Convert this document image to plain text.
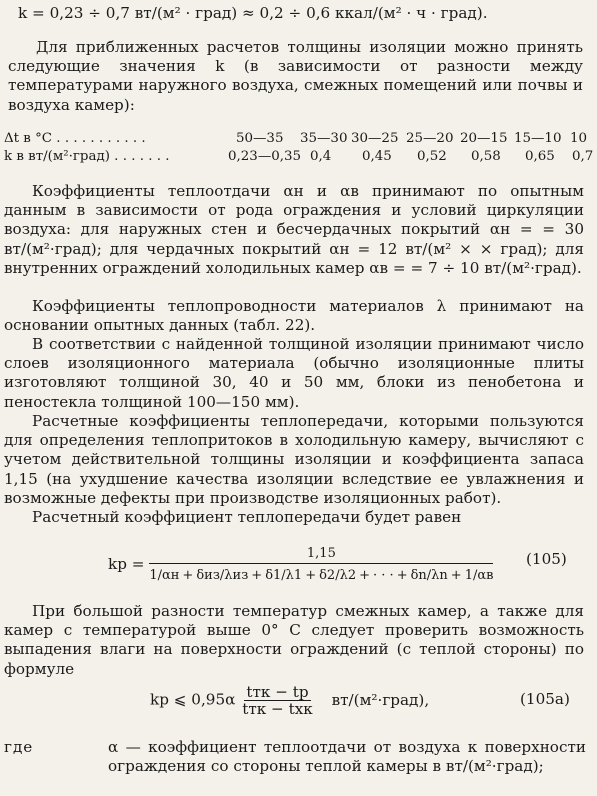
k = 0,23 ÷ 0,7 вт/(м² · град) ≈ 0,2 ÷ 0,6 ккал/(м² · ч · град).
Для приближенных расчетов толщины изоляции можно принять следующие значения k (в зависимости от разности между температурами наружного воздуха, смежных помещений или почвы и воздуха камер):
Δt в °C . . . . . . . . . . .	50—35 35—30 30—25 25—20 20—15 15—10 10
k в вт/(м²·град) . . . . . . .	0,23—0,35 0,4 0,45 0,52 0,58 0,65 0,7
Коэффициенты теплоотдачи αн и αв принимают по опытным данным в зависимости от рода ограждения и условий циркуляции воздуха: для наружных стен и бесчердачных покрытий αн = = 30 вт/(м²·град); для чердачных покрытий αн = 12 вт/(м² × × град); для внутренних ограждений холодильных камер αв = = 7 ÷ 10 вт/(м²·град).
Коэффициенты теплопроводности материалов λ принимают на основании опытных данных (табл. 22).
В соответствии с найденной толщиной изоляции принимают число слоев изоляционного материала (обычно изоляционные плиты изготовляют толщиной 30, 40 и 50 мм, блоки из пенобетона и пеностекла толщиной 100—150 мм).
Расчетные коэффициенты теплопередачи, которыми пользуются для определения теплопритоков в холодильную камеру, вычисляют с учетом действительной толщины изоляции и коэффициента запаса 1,15 (на ухудшение качества изоляции вследствие ее увлажнения и возможные дефекты при производстве изоляционных работ).
Расчетный коэффициент теплопередачи будет равен
kр =
1,15
1/αн + δиз/λиз + δ1/λ1 + δ2/λ2 + · · · + δn/λn + 1/αв
(105)
При большой разности температур смежных камер, а также для камер с температурой выше 0° C следует проверить возможность выпадения влаги на поверхности ограждений (с теплой стороны) по формуле
kр ⩽ $0,95\alpha \frac{\text{tтк − tр}}{\text{tтк − tхк}}$ вт/(м²·град),	(105а)
где	α — коэффициент теплоотдачи от воздуха к поверхности ограждения со стороны теплой камеры в вт/(м²·град);
